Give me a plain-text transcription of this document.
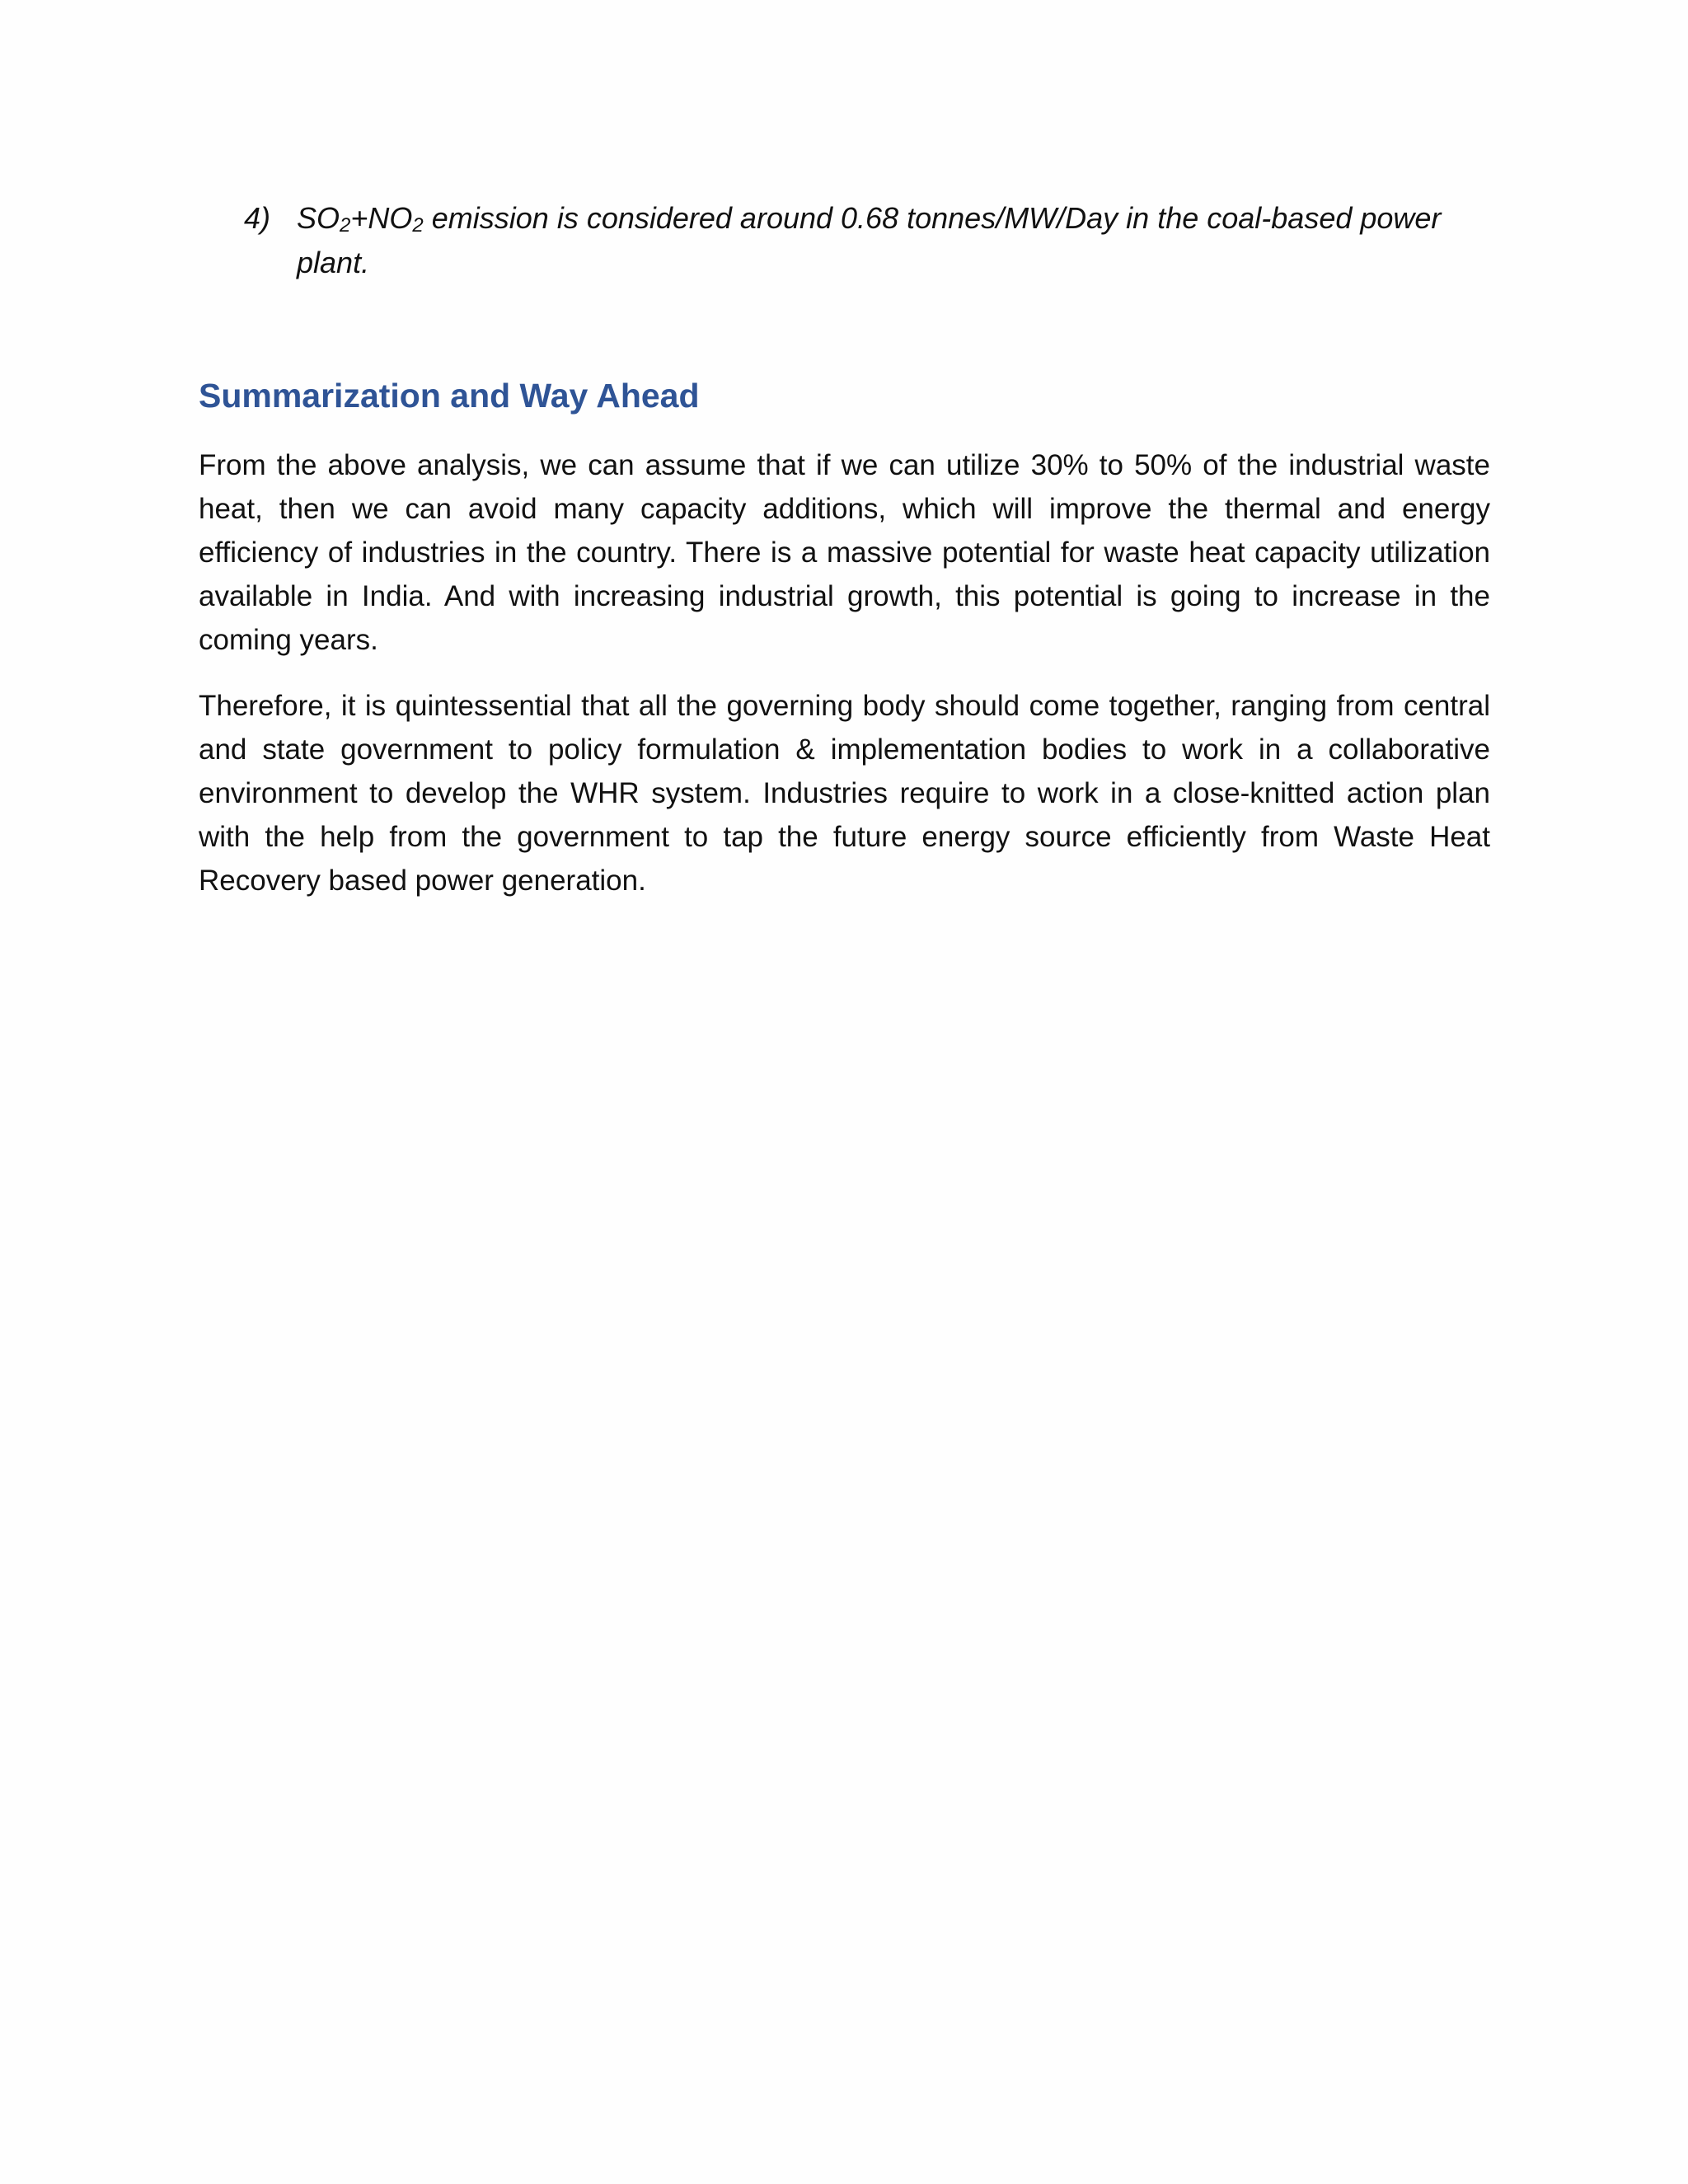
4) $SO_2+NO_2$ emission is considered around 0.68 tonnes/MW/Day in the coal-based power plant.
Summarization and Way Ahead

From the above analysis, we can assume that if we can utilize 30% to 50% of the industrial waste heat, then we can avoid many capacity additions, which will improve the thermal and energy efficiency of industries in the country. There is a massive potential for waste heat capacity utilization available in India. And with increasing industrial growth, this potential is going to increase in the coming years.

Therefore, it is quintessential that all the governing body should come together, ranging from central and state government to policy formulation & implementation bodies to work in a collaborative environment to develop the WHR system. Industries require to work in a close-knitted action plan with the help from the government to tap the future energy source efficiently from Waste Heat Recovery based power generation.
